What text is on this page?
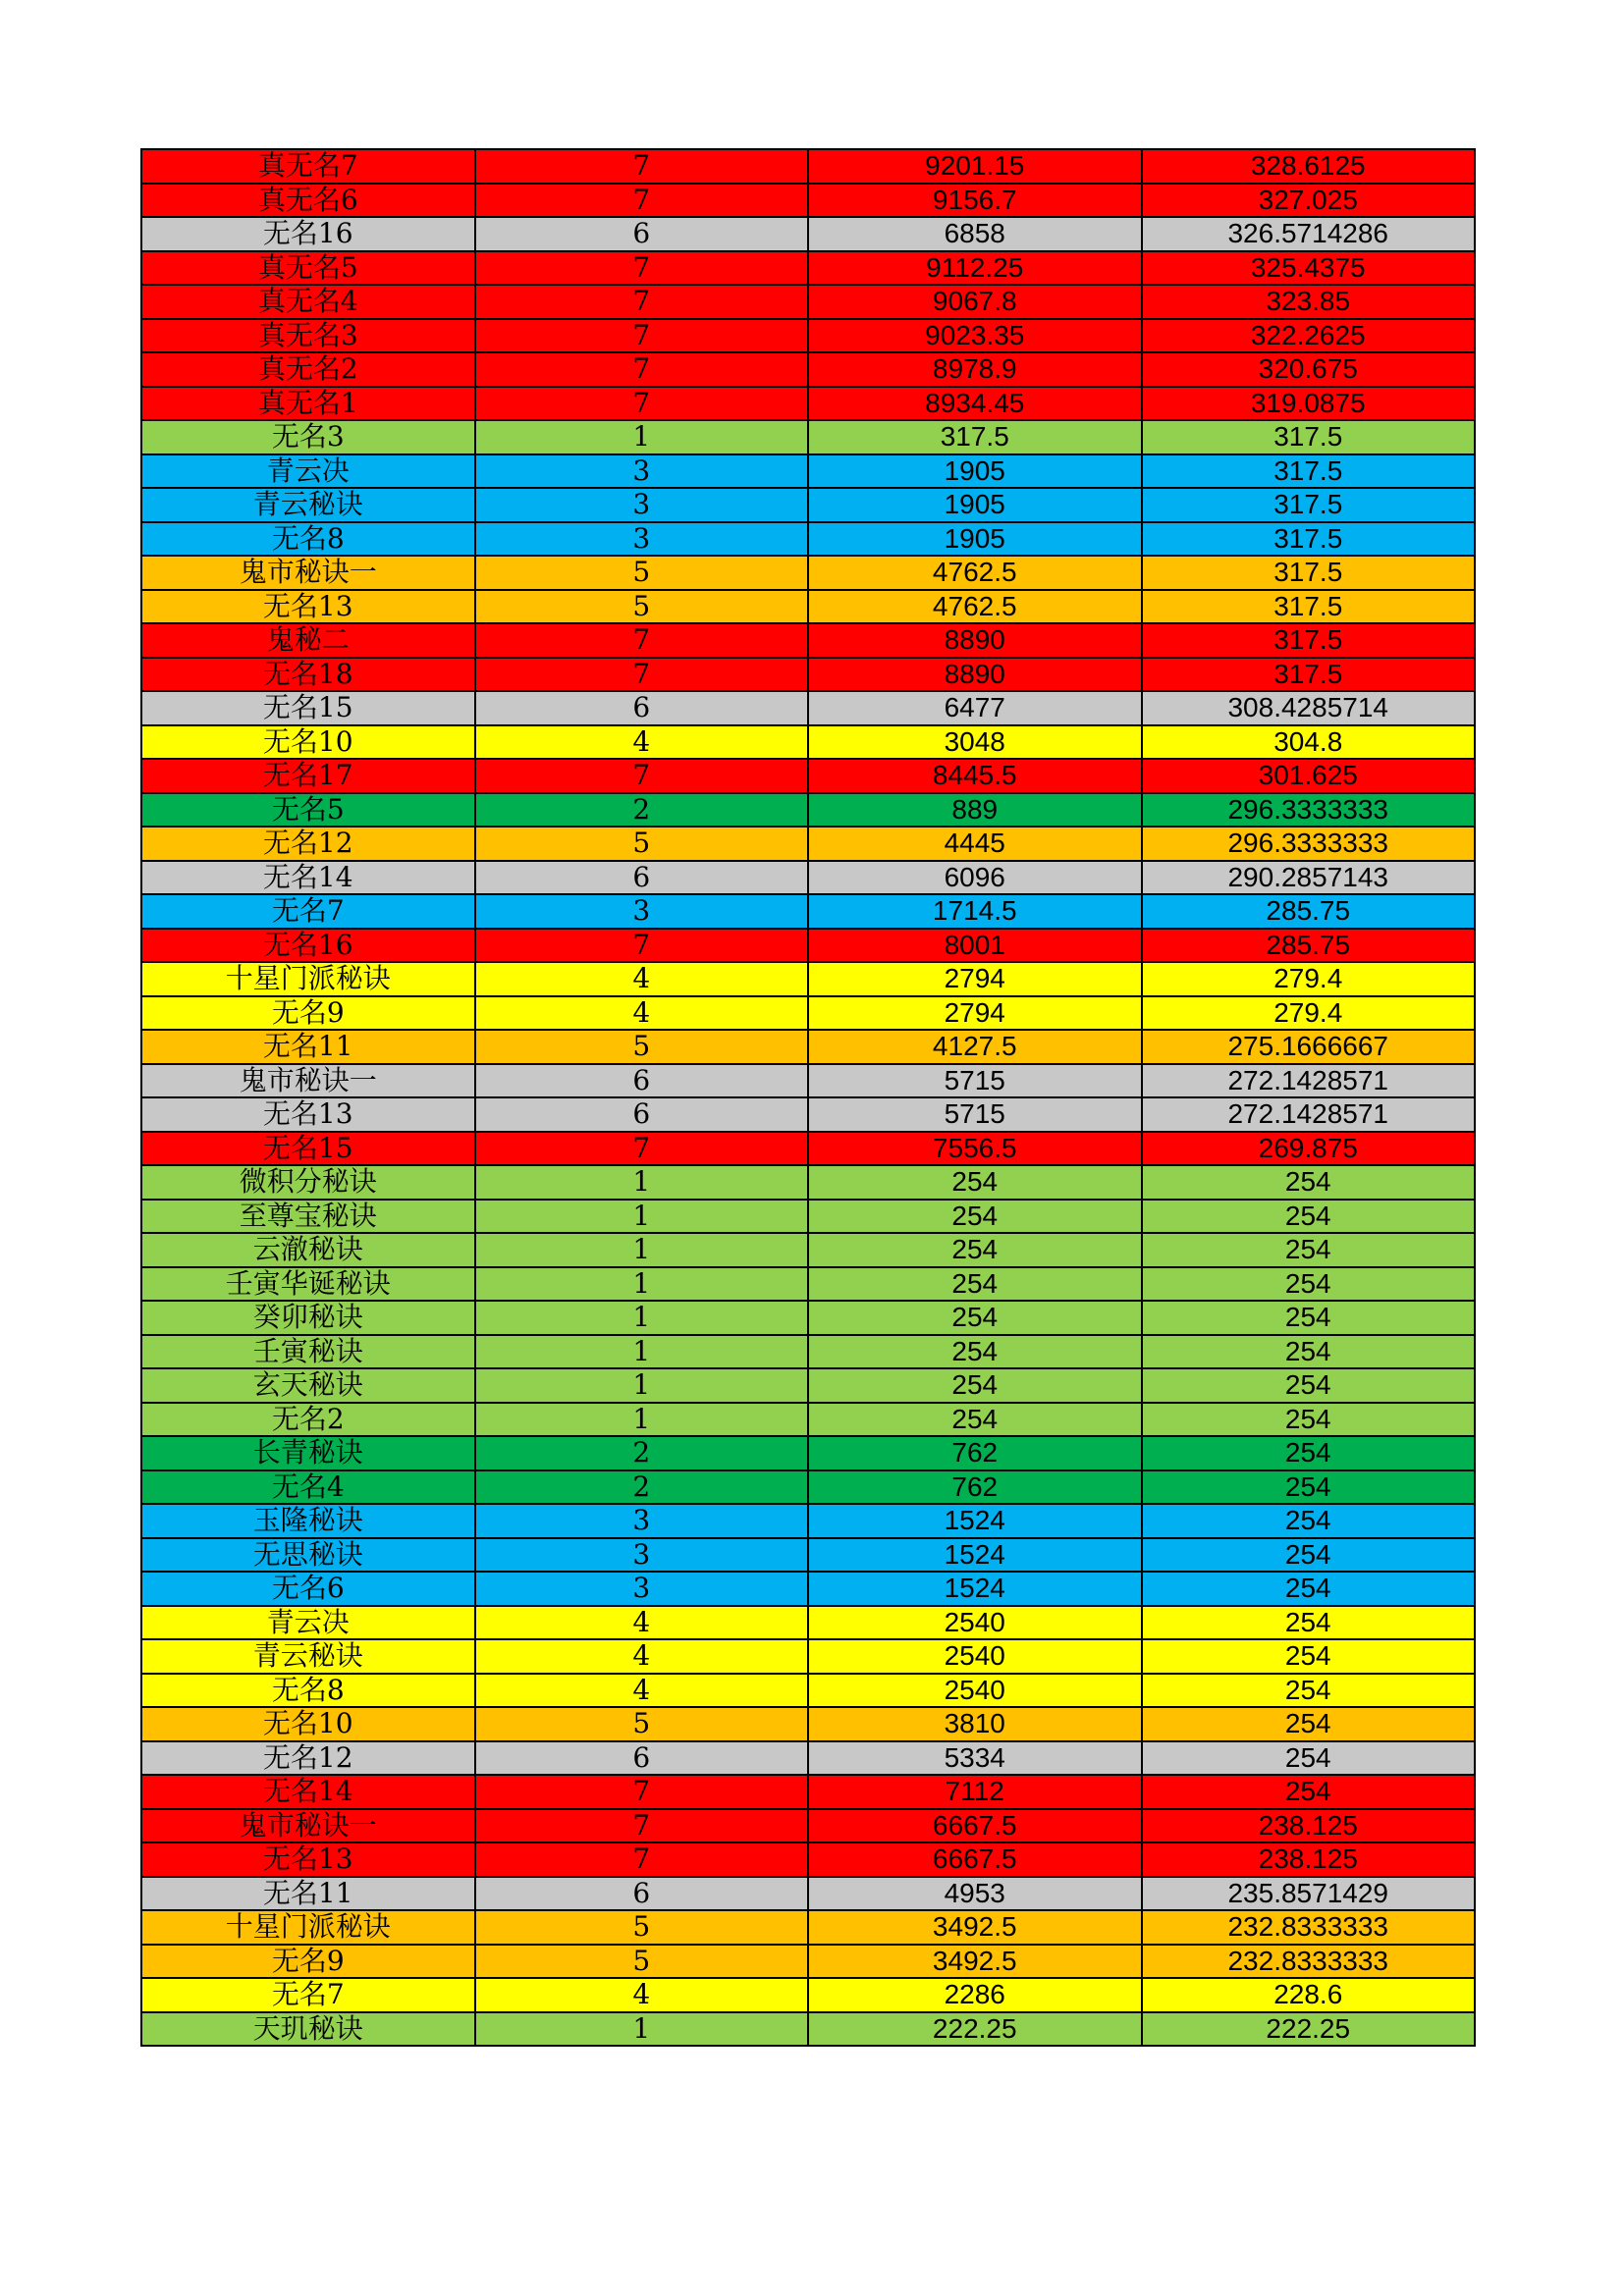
真无名7	7	9201.15	328.6125
真无名6	7	9156.7	327.025
无名16	6	6858	326.5714286
真无名5	7	9112.25	325.4375
真无名4	7	9067.8	323.85
真无名3	7	9023.35	322.2625
真无名2	7	8978.9	320.675
真无名1	7	8934.45	319.0875
无名3	1	317.5	317.5
青云决	3	1905	317.5
青云秘诀	3	1905	317.5
无名8	3	1905	317.5
鬼市秘诀一	5	4762.5	317.5
无名13	5	4762.5	317.5
鬼秘二	7	8890	317.5
无名18	7	8890	317.5
无名15	6	6477	308.4285714
无名10	4	3048	304.8
无名17	7	8445.5	301.625
无名5	2	889	296.3333333
无名12	5	4445	296.3333333
无名14	6	6096	290.2857143
无名7	3	1714.5	285.75
无名16	7	8001	285.75
十星门派秘诀	4	2794	279.4
无名9	4	2794	279.4
无名11	5	4127.5	275.1666667
鬼市秘诀一	6	5715	272.1428571
无名13	6	5715	272.1428571
无名15	7	7556.5	269.875
微积分秘诀	1	254	254
至尊宝秘诀	1	254	254
云澈秘诀	1	254	254
壬寅华诞秘诀	1	254	254
癸卯秘诀	1	254	254
壬寅秘诀	1	254	254
玄天秘诀	1	254	254
无名2	1	254	254
长青秘诀	2	762	254
无名4	2	762	254
玉隆秘诀	3	1524	254
无思秘诀	3	1524	254
无名6	3	1524	254
青云决	4	2540	254
青云秘诀	4	2540	254
无名8	4	2540	254
无名10	5	3810	254
无名12	6	5334	254
无名14	7	7112	254
鬼市秘诀一	7	6667.5	238.125
无名13	7	6667.5	238.125
无名11	6	4953	235.8571429
十星门派秘诀	5	3492.5	232.8333333
无名9	5	3492.5	232.8333333
无名7	4	2286	228.6
天玑秘诀	1	222.25	222.25
